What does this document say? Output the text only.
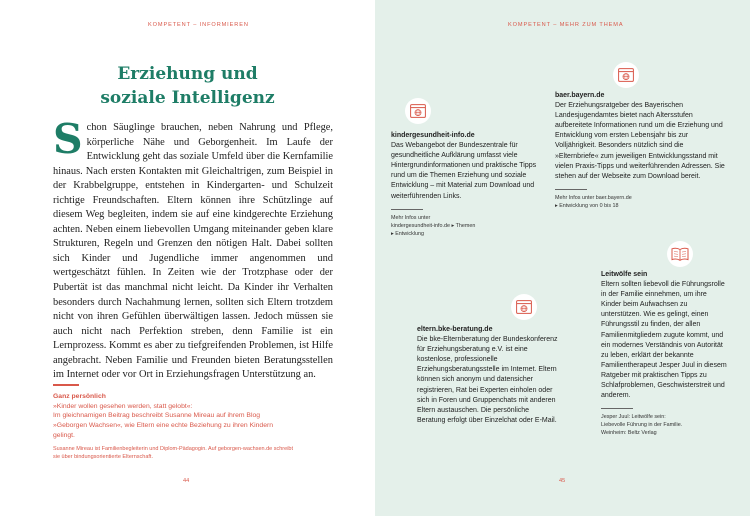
KOMPETENT – INFORMIEREN
Erziehung und
soziale Intelligenz

Schon Säuglinge brauchen, neben Nahrung und Pflege, körperliche Nähe und Geborgenheit. Im Laufe der Entwicklung geht das soziale Umfeld über die Kernfamilie hinaus. Nach ersten Kontakten mit Gleichaltrigen, zum Beispiel in der Krabbelgruppe, entstehen in Kindergarten- und Schulzeit richtige Freundschaften. Eltern können ihre Schützlinge auf diesem Weg begleiten, indem sie auf eine kindgerechte Erziehung achten. Neben einem liebevollen Umgang miteinander geben klare Strukturen, Regeln und Grenzen den nötigen Halt. Dabei sollten sich Kinder und Jugendliche immer angenommen und wertgeschätzt fühlen. In Zeiten wie der Trotzphase oder der Pubertät ist das manchmal nicht leicht. Da Kinder ihr Verhalten besonders durch Nachahmung lernen, sollten sich Eltern trotzdem nicht von ihren Gefühlen überwältigen lassen. Jedoch müssen sie auch nicht nach Perfektion streben, denn Familie ist ein Lernprozess. Kommt es aber zu tiefgreifenden Problemen, ist Hilfe angebracht. Neben Familie und Freunden bieten Beratungsstellen im Internet oder vor Ort in Erziehungsfragen Unterstützung an.

Ganz persönlich
»Kinder wollen gesehen werden, statt gelobt«:
Im gleichnamigen Beitrag beschreibt Susanne Mireau auf ihrem Blog »Geborgen Wachsen«, wie Eltern eine echte Beziehung zu ihren Kindern gelingt.
Susanne Mireau ist Familienbegleiterin und Diplom-Pädagogin. Auf geborgen-wachsen.de schreibt sie über bindungsorientierte Elternschaft.
44
KOMPETENT – MEHR ZUM THEMA
kindergesundheit-info.de
Das Webangebot der Bundeszentrale für gesundheitliche Aufklärung umfasst viele Hintergrundinformationen und praktische Tipps rund um die Themen Erziehung und soziale Entwicklung – mit Material zum Download und weiterführenden Links.
Mehr Infos unter
kindergesundheit-info.de ▸ Themen
▸ Entwicklung
baer.bayern.de
Der Erziehungsratgeber des Bayerischen Landesjugendamtes bietet nach Altersstufen aufbereitete Informationen rund um die Erziehung und Entwicklung vom ersten Lebensjahr bis zur Volljährigkeit. Besonders nützlich sind die »Elternbriefe« zum jeweiligen Entwicklungsstand mit vielen Praxis-Tipps und weiterführenden Adressen. Sie stehen auf der Webseite zum Download bereit.
Mehr Infos unter baer.bayern.de
▸ Entwicklung von 0 bis 18
eltern.bke-beratung.de
Die bke-Elternberatung der Bundeskonferenz für Erziehungsberatung e.V. ist eine kostenlose, professionelle Erziehungsberatungsstelle im Internet. Eltern können sich anonym und datensicher registrieren, Rat bei Experten einholen oder sich in Foren und Gruppenchats mit anderen Eltern austauschen. Die persönliche Beratung erfolgt über Einzelchat oder E-Mail.
Leitwölfe sein
Eltern sollten liebevoll die Führungsrolle in der Familie einnehmen, um ihre Kinder beim Aufwachsen zu unterstützen. Wie es gelingt, einen Führungsstil zu finden, der allen Familienmitgliedern zugute kommt, und ein modernes Verständnis von Autorität zu leben, erklärt der bekannte Familientherapeut Jesper Juul in diesem Ratgeber mit praktischen Tipps zu Schlafproblemen, Geschwisterstreit und anderem.
Jesper Juul: Leitwölfe sein:
Liebevolle Führung in der Familie.
Weinheim: Beltz Verlag
45
